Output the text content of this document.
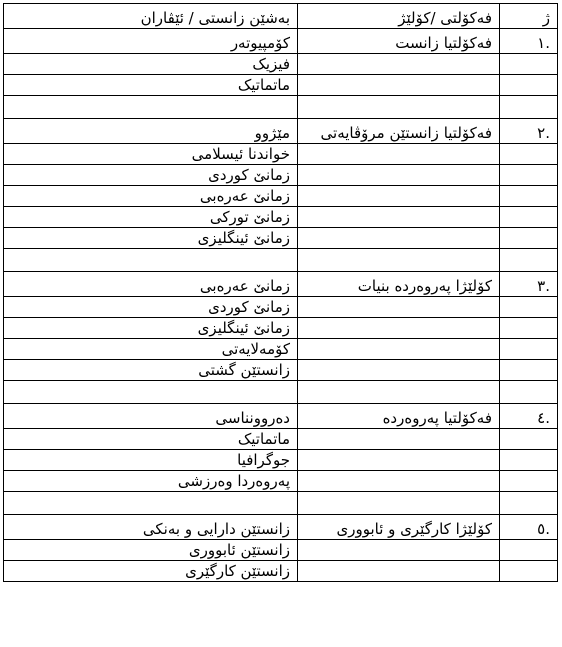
ژ	فەکۆلتی /کۆلێژ	بەشێن زانستی / ئێڤاران
.١	فەکۆلتیا زانست	کۆمپیوتەر
		فیزیک
		ماتماتیک

.٢	فەکۆلتیا زانستێن مرۆڤایەتی	مێژوو
		خواندنا ئیسلامی
		زمانێ کوردی
		زمانێ عەرەبی
		زمانێ تورکی
		زمانێ ئینگلیزی

.٣	کۆلێژا پەروەردە بنیات	زمانێ عەرەبی
		زمانێ کوردی
		زمانێ ئینگلیزی
		کۆمەلایەتی
		زانستێن گشتی

.٤	فەکۆلتیا پەروەردە	دەروونناسی
		ماتماتیک
		جوگرافیا
		پەروەردا وەرزشی

.٥	کۆلێژا کارگێری و ئابووری	زانستێن دارایی و بەنکی
		زانستێن ئابووری
		زانستێن کارگێری
